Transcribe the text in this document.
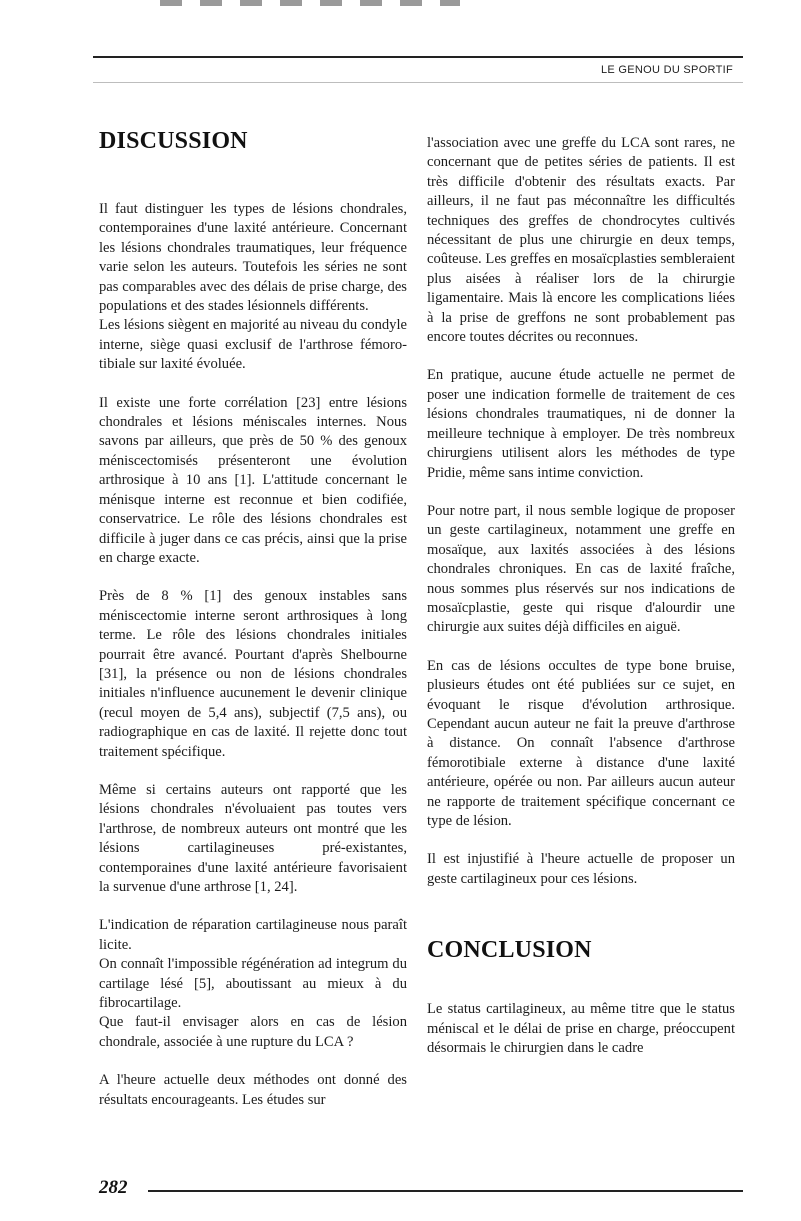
LE GENOU DU SPORTIF
DISCUSSION

Il faut distinguer les types de lésions chondrales, contemporaines d'une laxité antérieure. Concernant les lésions chondrales traumatiques, leur fréquence varie selon les auteurs. Toutefois les séries ne sont pas comparables avec des délais de prise charge, des populations et des stades lésionnels différents.

Les lésions siègent en majorité au niveau du condyle interne, siège quasi exclusif de l'arthrose fémoro-tibiale sur laxité évoluée.

Il existe une forte corrélation [23] entre lésions chondrales et lésions méniscales internes. Nous savons par ailleurs, que près de 50 % des genoux méniscectomisés présenteront une évolution arthrosique à 10 ans [1]. L'attitude concernant le ménisque interne est reconnue et bien codifiée, conservatrice. Le rôle des lésions chondrales est difficile à juger dans ce cas précis, ainsi que la prise en charge exacte.

Près de 8 % [1] des genoux instables sans méniscectomie interne seront arthrosiques à long terme. Le rôle des lésions chondrales initiales pourrait être avancé. Pourtant d'après Shelbourne [31], la présence ou non de lésions chondrales initiales n'influence aucunement le devenir clinique (recul moyen de 5,4 ans), subjectif (7,5 ans), ou radiographique en cas de laxité. Il rejette donc tout traitement spécifique.

Même si certains auteurs ont rapporté que les lésions chondrales n'évoluaient pas toutes vers l'arthrose, de nombreux auteurs ont montré que les lésions cartilagineuses pré-existantes, contemporaines d'une laxité antérieure favorisaient la survenue d'une arthrose [1, 24].

L'indication de réparation cartilagineuse nous paraît licite.

On connaît l'impossible régénération ad integrum du cartilage lésé [5], aboutissant au mieux à du fibrocartilage.

Que faut-il envisager alors en cas de lésion chondrale, associée à une rupture du LCA ?

A l'heure actuelle deux méthodes ont donné des résultats encourageants. Les études sur

l'association avec une greffe du LCA sont rares, ne concernant que de petites séries de patients. Il est très difficile d'obtenir des résultats exacts. Par ailleurs, il ne faut pas méconnaître les difficultés techniques des greffes de chondrocytes cultivés nécessitant de plus une chirurgie en deux temps, coûteuse. Les greffes en mosaïcplasties sembleraient plus aisées à réaliser lors de la chirurgie ligamentaire. Mais là encore les complications liées à la prise de greffons ne sont probablement pas encore toutes décrites ou reconnues.

En pratique, aucune étude actuelle ne permet de poser une indication formelle de traitement de ces lésions chondrales traumatiques, ni de donner la meilleure technique à employer. De très nombreux chirurgiens utilisent alors les méthodes de type Pridie, même sans intime conviction.

Pour notre part, il nous semble logique de proposer un geste cartilagineux, notamment une greffe en mosaïque, aux laxités associées à des lésions chondrales chroniques. En cas de laxité fraîche, nous sommes plus réservés sur nos indications de mosaïcplastie, geste qui risque d'alourdir une chirurgie aux suites déjà difficiles en aiguë.

En cas de lésions occultes de type bone bruise, plusieurs études ont été publiées sur ce sujet, en évoquant le risque d'évolution arthrosique. Cependant aucun auteur ne fait la preuve d'arthrose à distance. On connaît l'absence d'arthrose fémorotibiale externe à distance d'une laxité antérieure, opérée ou non. Par ailleurs aucun auteur ne rapporte de traitement spécifique concernant ce type de lésion.

Il est injustifié à l'heure actuelle de proposer un geste cartilagineux pour ces lésions.

CONCLUSION

Le status cartilagineux, au même titre que le status méniscal et le délai de prise en charge, préoccupent désormais le chirurgien dans le cadre

282
